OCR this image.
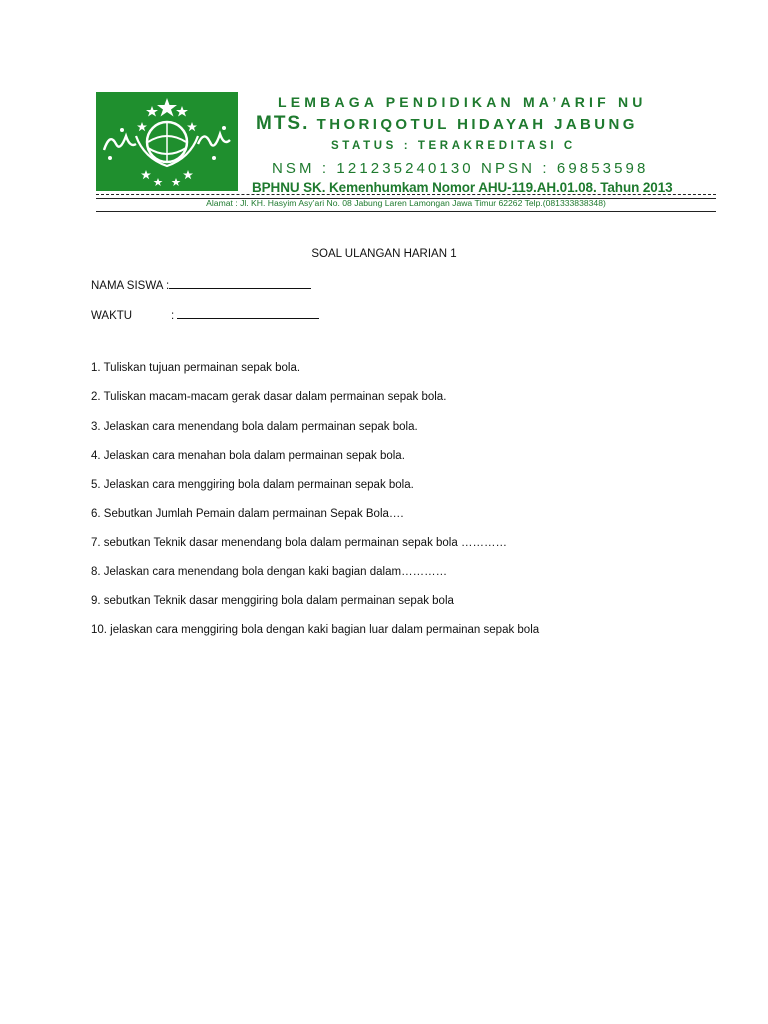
LEMBAGA PENDIDIKAN MA’ARIF NU
MTS. THORIQOTUL HIDAYAH JABUNG
STATUS : TERAKREDITASI C
NSM : 121235240130 NPSN : 69853598
BPHNU SK. Kemenhumkam Nomor AHU-119.AH.01.08. Tahun 2013
Alamat : Jl. KH. Hasyim Asy’ari No. 08 Jabung Laren Lamongan Jawa Timur 62262 Telp.(081333838348)
SOAL ULANGAN HARIAN 1
NAMA SISWA :
WAKTU	:
1. Tuliskan tujuan permainan sepak bola.
2. Tuliskan macam-macam gerak dasar dalam permainan sepak bola.
3. Jelaskan cara menendang bola dalam permainan sepak bola.
4. Jelaskan cara menahan bola dalam permainan sepak bola.
5. Jelaskan cara menggiring bola dalam permainan sepak bola.
6. Sebutkan Jumlah Pemain dalam permainan Sepak Bola….
7. sebutkan Teknik dasar menendang bola dalam permainan sepak bola …………
8. Jelaskan cara menendang bola dengan kaki bagian dalam…………
9. sebutkan Teknik dasar menggiring bola dalam permainan sepak bola
10. jelaskan cara menggiring bola dengan kaki bagian luar dalam permainan sepak bola
